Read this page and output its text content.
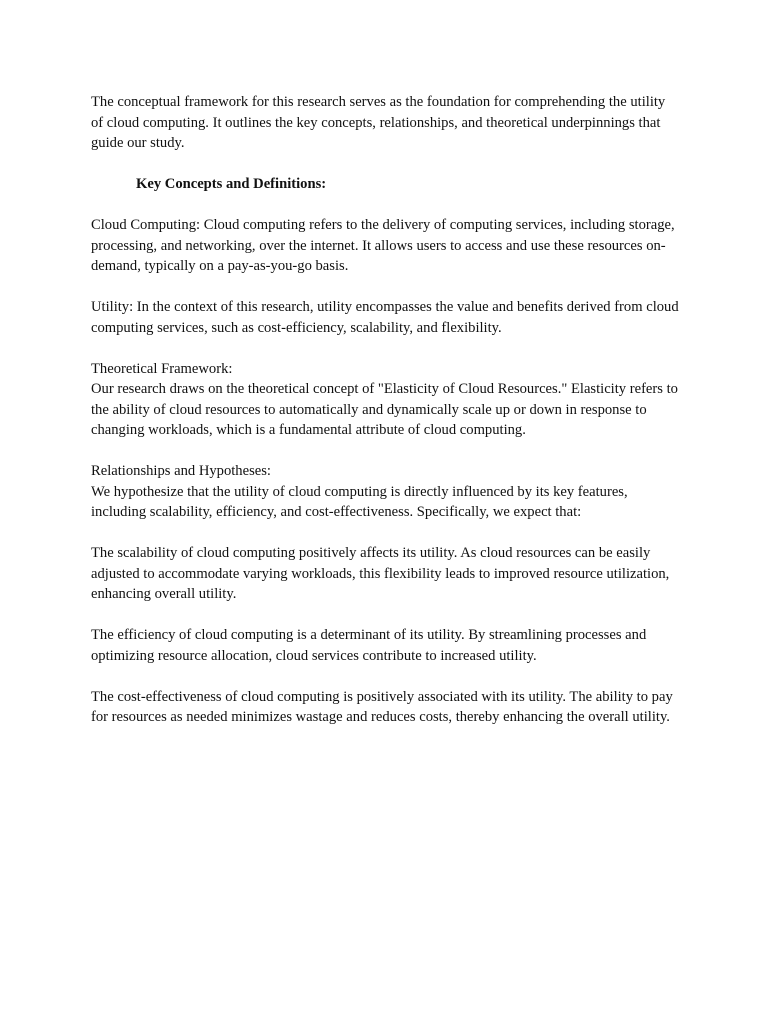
The conceptual framework for this research serves as the foundation for comprehending the utility of cloud computing. It outlines the key concepts, relationships, and theoretical underpinnings that guide our study.

Key Concepts and Definitions:

Cloud Computing: Cloud computing refers to the delivery of computing services, including storage, processing, and networking, over the internet. It allows users to access and use these resources on-demand, typically on a pay-as-you-go basis.

Utility: In the context of this research, utility encompasses the value and benefits derived from cloud computing services, such as cost-efficiency, scalability, and flexibility.

Theoretical Framework:
Our research draws on the theoretical concept of "Elasticity of Cloud Resources." Elasticity refers to the ability of cloud resources to automatically and dynamically scale up or down in response to changing workloads, which is a fundamental attribute of cloud computing.
Relationships and Hypotheses:
We hypothesize that the utility of cloud computing is directly influenced by its key features, including scalability, efficiency, and cost-effectiveness. Specifically, we expect that:

The scalability of cloud computing positively affects its utility. As cloud resources can be easily adjusted to accommodate varying workloads, this flexibility leads to improved resource utilization, enhancing overall utility.

The efficiency of cloud computing is a determinant of its utility. By streamlining processes and optimizing resource allocation, cloud services contribute to increased utility.

The cost-effectiveness of cloud computing is positively associated with its utility. The ability to pay for resources as needed minimizes wastage and reduces costs, thereby enhancing the overall utility.
